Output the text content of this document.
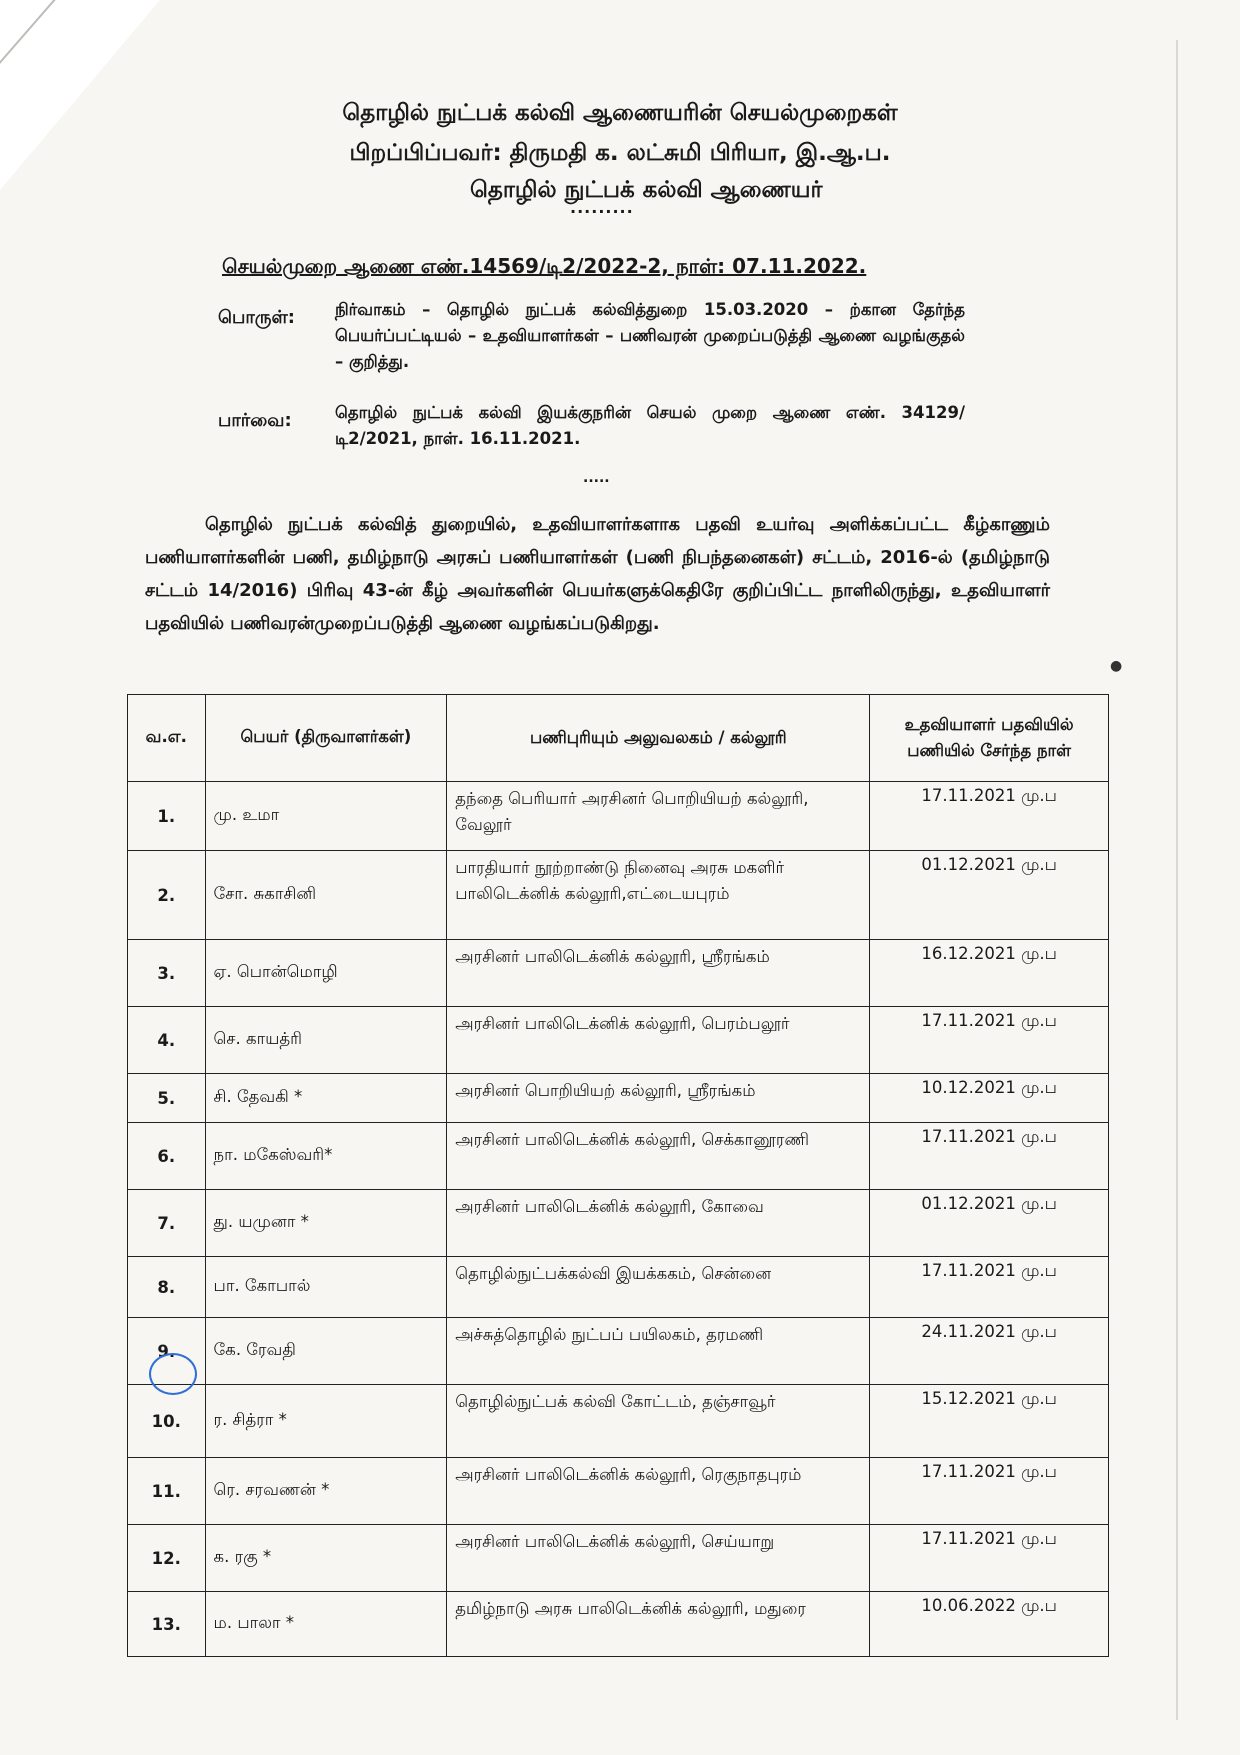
தொழில் நுட்பக் கல்வி ஆணையரின் செயல்முறைகள்
பிறப்பிப்பவர்: திருமதி க. லட்சுமி பிரியா, இ.ஆ.ப.
தொழில் நுட்பக் கல்வி ஆணையர்
.........
செயல்முறை ஆணை எண்.14569/டி2/2022-2, நாள்: 07.11.2022.
பொருள்: நிர்வாகம் – தொழில் நுட்பக் கல்வித்துறை 15.03.2020 – ற்கான தேர்ந்த பெயர்ப்பட்டியல் – உதவியாளர்கள் – பணிவரன் முறைப்படுத்தி ஆணை வழங்குதல் – குறித்து.
பார்வை:	தொழில் நுட்பக் கல்வி இயக்குநரின் செயல் முறை ஆணை எண். 34129/டி2/2021, நாள். 16.11.2021.
.....
தொழில் நுட்பக் கல்வித் துறையில், உதவியாளர்களாக பதவி உயர்வு அளிக்கப்பட்ட கீழ்காணும் பணியாளர்களின் பணி, தமிழ்நாடு அரசுப் பணியாளர்கள் (பணி நிபந்தனைகள்) சட்டம், 2016-ல் (தமிழ்நாடு சட்டம் 14/2016) பிரிவு 43-ன் கீழ் அவர்களின் பெயர்களுக்கெதிரே குறிப்பிட்ட நாளிலிருந்து, உதவியாளர் பதவியில் பணிவரன்முறைப்படுத்தி ஆணை வழங்கப்படுகிறது.
●
வ.எ.	பெயர் (திருவாளர்கள்)	பணிபுரியும் அலுவலகம் / கல்லூரி	உதவியாளர் பதவியில் பணியில் சேர்ந்த நாள்
1.	மு. உமா	தந்தை பெரியார் அரசினர் பொறியியற் கல்லூரி, வேலூர்	17.11.2021 மு.ப
2.	சோ. சுகாசினி	பாரதியார் நூற்றாண்டு நினைவு அரசு மகளிர் பாலிடெக்னிக் கல்லூரி,எட்டையபுரம்	01.12.2021 மு.ப
3.	ஏ. பொன்மொழி	அரசினர் பாலிடெக்னிக் கல்லூரி, ஸ்ரீரங்கம்	16.12.2021 மு.ப
4.	செ. காயத்ரி	அரசினர் பாலிடெக்னிக் கல்லூரி, பெரம்பலூர்	17.11.2021 மு.ப
5.	சி. தேவகி *	அரசினர் பொறியியற் கல்லூரி, ஸ்ரீரங்கம்	10.12.2021 மு.ப
6.	நா. மகேஸ்வரி*	அரசினர் பாலிடெக்னிக் கல்லூரி, செக்கானூரணி	17.11.2021 மு.ப
7.	து. யமுனா *	அரசினர் பாலிடெக்னிக் கல்லூரி, கோவை	01.12.2021 மு.ப
8.	பா. கோபால்	தொழில்நுட்பக்கல்வி இயக்ககம், சென்னை	17.11.2021 மு.ப
9.	கே. ரேவதி	அச்சுத்தொழில் நுட்பப் பயிலகம், தரமணி	24.11.2021 மு.ப
10.	ர. சித்ரா *	தொழில்நுட்பக் கல்வி கோட்டம், தஞ்சாவூர்	15.12.2021 மு.ப
11.	ரெ. சரவணன் *	அரசினர் பாலிடெக்னிக் கல்லூரி, ரெகுநாதபுரம்	17.11.2021 மு.ப
12.	க. ரகு *	அரசினர் பாலிடெக்னிக் கல்லூரி, செய்யாறு	17.11.2021 மு.ப
13.	ம. பாலா *	தமிழ்நாடு அரசு பாலிடெக்னிக் கல்லூரி, மதுரை	10.06.2022 மு.ப
